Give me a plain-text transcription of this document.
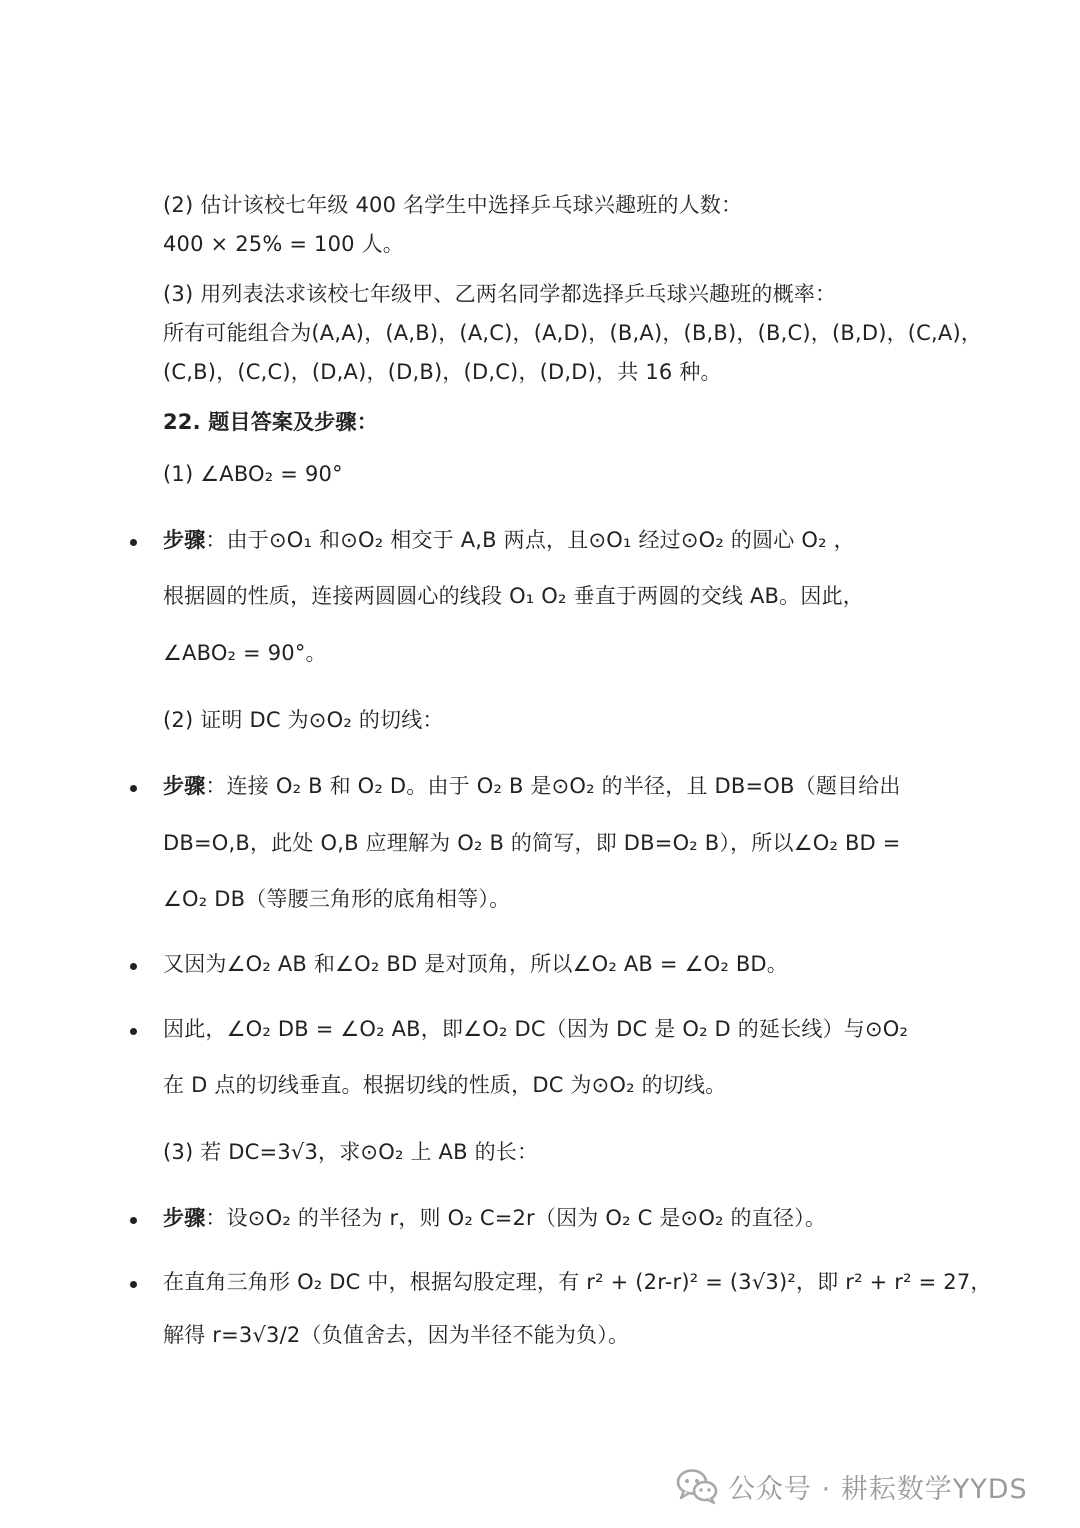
(2) 估计该校七年级 400 名学生中选择乒乓球兴趣班的人数：
400 × 25% = 100 人。
(3) 用列表法求该校七年级甲、乙两名同学都选择乒乓球兴趣班的概率：
所有可能组合为(A,A)，(A,B)，(A,C)，(A,D)，(B,A)，(B,B)，(B,C)，(B,D)，(C,A)，
(C,B)，(C,C)，(D,A)，(D,B)，(D,C)，(D,D)，共 16 种。
22. 题目答案及步骤：
(1) ∠ABO₂ = 90°
步骤：由于⊙O₁ 和⊙O₂ 相交于 A,B 两点，且⊙O₁ 经过⊙O₂ 的圆心 O₂ ，
根据圆的性质，连接两圆圆心的线段 O₁ O₂ 垂直于两圆的交线 AB。因此，
∠ABO₂ = 90°。
(2) 证明 DC 为⊙O₂ 的切线：
步骤：连接 O₂ B 和 O₂ D。由于 O₂ B 是⊙O₂ 的半径，且 DB=OB（题目给出
DB=O,B，此处 O,B 应理解为 O₂ B 的简写，即 DB=O₂ B），所以∠O₂ BD =
∠O₂ DB（等腰三角形的底角相等）。
又因为∠O₂ AB 和∠O₂ BD 是对顶角，所以∠O₂ AB = ∠O₂ BD。
因此，∠O₂ DB = ∠O₂ AB，即∠O₂ DC（因为 DC 是 O₂ D 的延长线）与⊙O₂
在 D 点的切线垂直。根据切线的性质，DC 为⊙O₂ 的切线。
(3) 若 DC=3√3，求⊙O₂ 上 AB 的长：
步骤：设⊙O₂ 的半径为 r，则 O₂ C=2r（因为 O₂ C 是⊙O₂ 的直径）。
在直角三角形 O₂ DC 中，根据勾股定理，有 r² + (2r-r)² = (3√3)²，即 r² + r² = 27，
解得 r=3√3/2（负值舍去，因为半径不能为负）。
公众号 · 耕耘数学YYDS
